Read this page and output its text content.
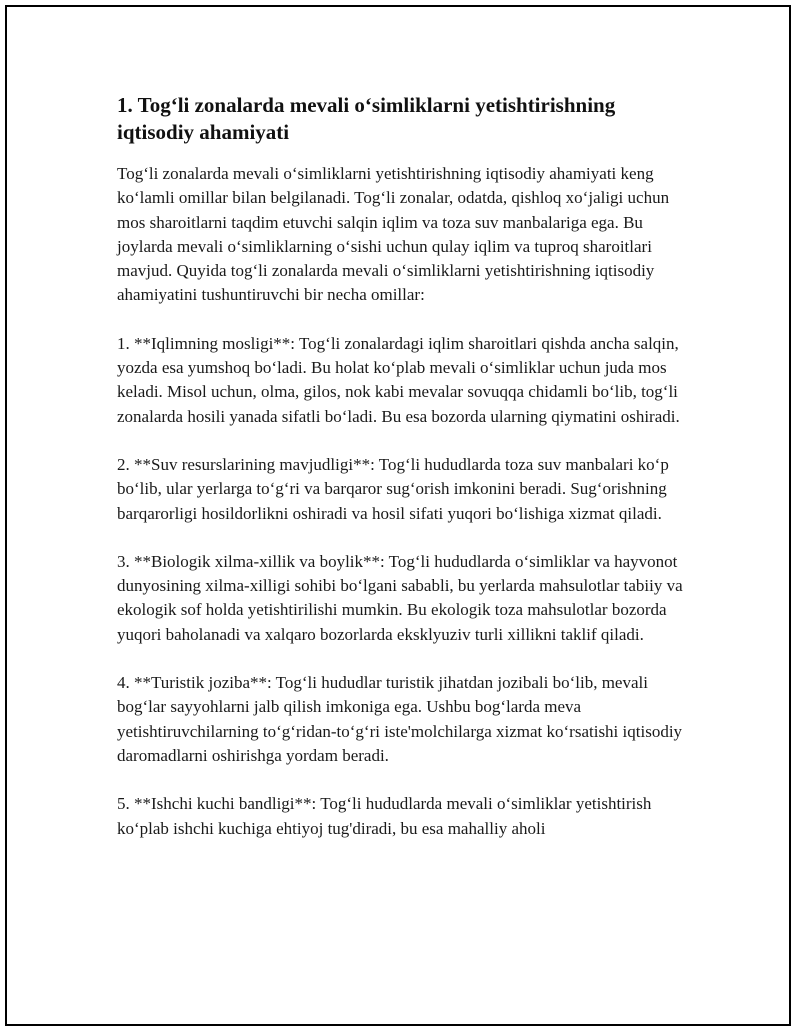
1. Tog‘li zonalarda mevali o‘simliklarni yetishtirishning iqtisodiy ahamiyati

Tog‘li zonalarda mevali o‘simliklarni yetishtirishning iqtisodiy ahamiyati keng ko‘lamli omillar bilan belgilanadi. Tog‘li zonalar, odatda, qishloq xo‘jaligi uchun mos sharoitlarni taqdim etuvchi salqin iqlim va toza suv manbalariga ega. Bu joylarda mevali o‘simliklarning o‘sishi uchun qulay iqlim va tuproq sharoitlari mavjud. Quyida tog‘li zonalarda mevali o‘simliklarni yetishtirishning iqtisodiy ahamiyatini tushuntiruvchi bir necha omillar:

1. **Iqlimning mosligi**: Tog‘li zonalardagi iqlim sharoitlari qishda ancha salqin, yozda esa yumshoq bo‘ladi. Bu holat ko‘plab mevali o‘simliklar uchun juda mos keladi. Misol uchun, olma, gilos, nok kabi mevalar sovuqqa chidamli bo‘lib, tog‘li zonalarda hosili yanada sifatli bo‘ladi. Bu esa bozorda ularning qiymatini oshiradi.

2. **Suv resurslarining mavjudligi**: Tog‘li hududlarda toza suv manbalari ko‘p bo‘lib, ular yerlarga to‘g‘ri va barqaror sug‘orish imkonini beradi. Sug‘orishning barqarorligi hosildorlikni oshiradi va hosil sifati yuqori bo‘lishiga xizmat qiladi.

3. **Biologik xilma-xillik va boylik**: Tog‘li hududlarda o‘simliklar va hayvonot dunyosining xilma-xilligi sohibi bo‘lgani sababli, bu yerlarda mahsulotlar tabiiy va ekologik sof holda yetishtirilishi mumkin. Bu ekologik toza mahsulotlar bozorda yuqori baholanadi va xalqaro bozorlarda eksklyuziv turli xillikni taklif qiladi.

4. **Turistik joziba**: Tog‘li hududlar turistik jihatdan jozibali bo‘lib, mevali bog‘lar sayyohlarni jalb qilish imkoniga ega. Ushbu bog‘larda meva yetishtiruvchilarning to‘g‘ridan-to‘g‘ri iste'molchilarga xizmat ko‘rsatishi iqtisodiy daromadlarni oshirishga yordam beradi.

5. **Ishchi kuchi bandligi**: Tog‘li hududlarda mevali o‘simliklar yetishtirish ko‘plab ishchi kuchiga ehtiyoj tug'diradi, bu esa mahalliy aholi
